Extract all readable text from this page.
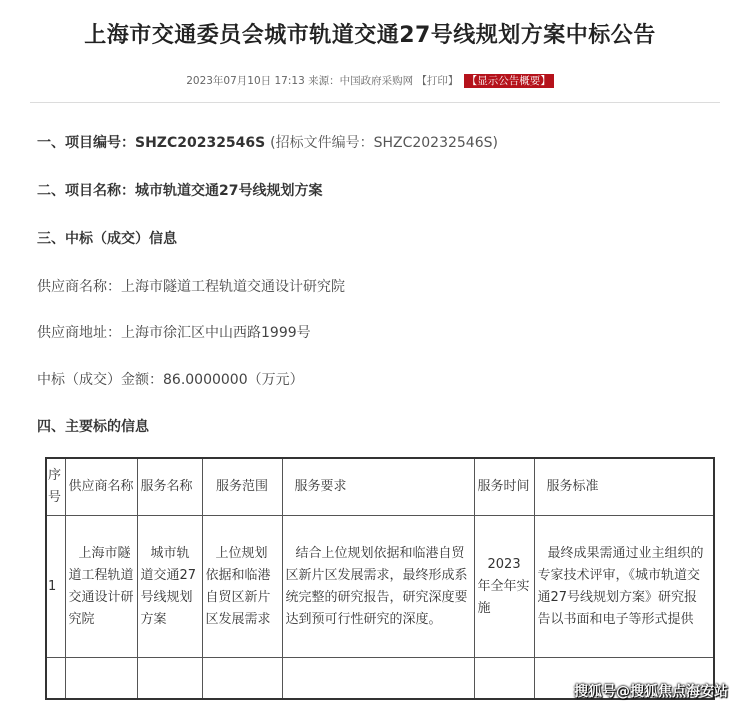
上海市交通委员会城市轨道交通27号线规划方案中标公告
2023年07月10日 17:13 来源：中国政府采购网 【打印】 【显示公告概要】
一、项目编号：SHZC20232546S (招标文件编号：SHZC20232546S)
二、项目名称：城市轨道交通27号线规划方案
三、中标（成交）信息
供应商名称：上海市隧道工程轨道交通设计研究院
供应商地址：上海市徐汇区中山西路1999号
中标（成交）金额：86.0000000（万元）
四、主要标的信息
序号	供应商名称	服务名称	服务范围	服务要求	服务时间	服务标准
1	上海市隧道工程轨道交通设计研究院	城市轨道交通27号线规划方案	上位规划依据和临港自贸区新片区发展需求	结合上位规划依据和临港自贸区新片区发展需求，最终形成系统完整的研究报告，研究深度要达到预可行性研究的深度。	2023年全年实施	最终成果需通过业主组织的专家技术评审，《城市轨道交通27号线规划方案》研究报告以书面和电子等形式提供

搜狐号@搜狐焦点海安站
